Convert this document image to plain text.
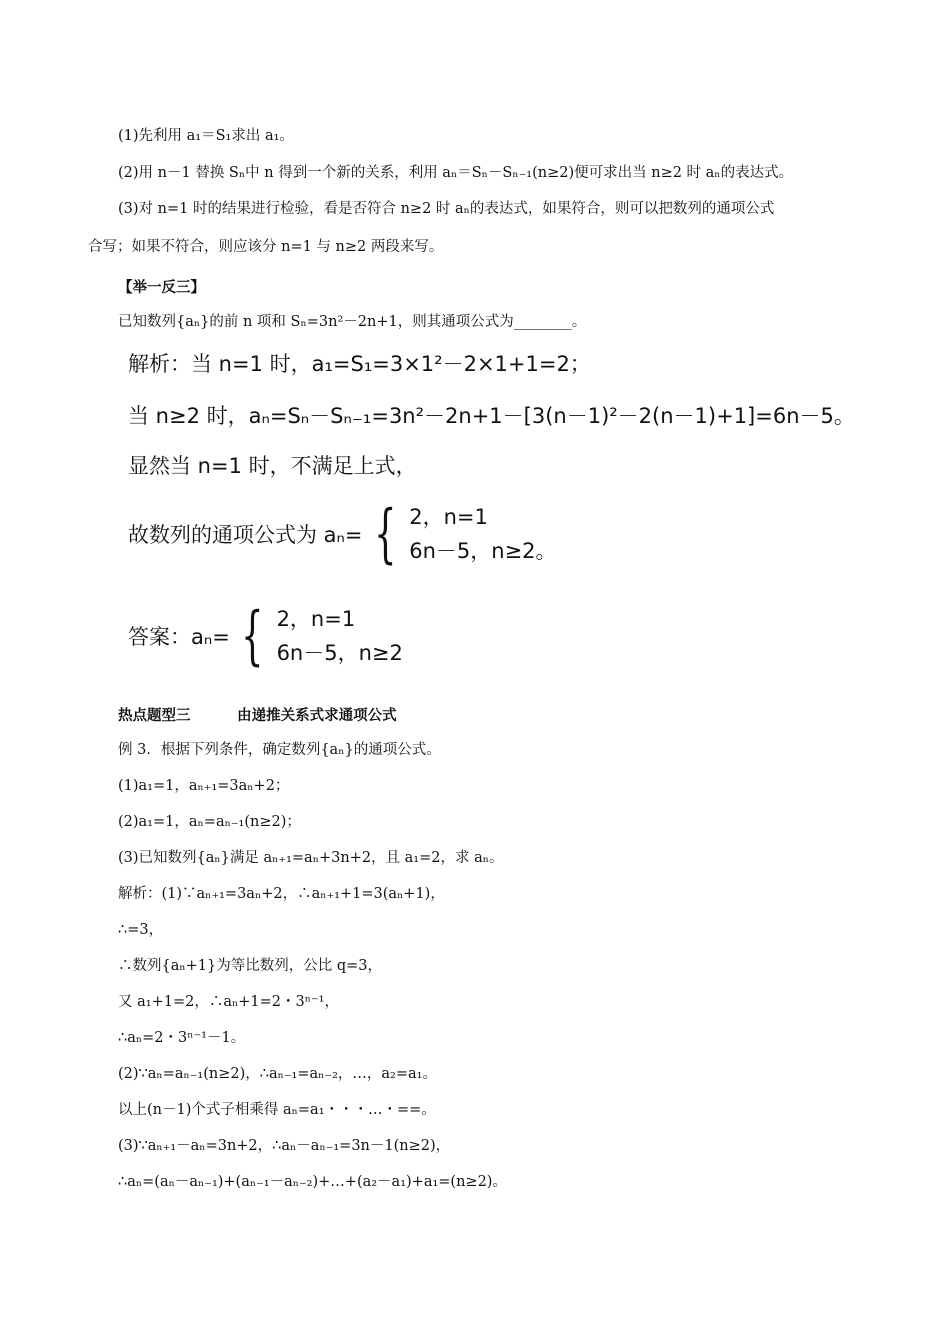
(1)先利用 a₁＝S₁求出 a₁。
(2)用 n－1 替换 Sₙ中 n 得到一个新的关系，利用 aₙ＝Sₙ－Sₙ₋₁(n≥2)便可求出当 n≥2 时 aₙ的表达式。
(3)对 n=1 时的结果进行检验，看是否符合 n≥2 时 aₙ的表达式，如果符合，则可以把数列的通项公式
合写；如果不符合，则应该分 n=1 与 n≥2 两段来写。
【举一反三】
已知数列{aₙ}的前 n 项和 Sₙ=3n²－2n+1，则其通项公式为________。
解析：当 n=1 时，a₁=S₁=3×1²－2×1+1=2；
当 n≥2 时，aₙ=Sₙ－Sₙ₋₁=3n²－2n+1－[3(n－1)²－2(n－1)+1]=6n－5。
显然当 n=1 时，不满足上式，
故数列的通项公式为 aₙ= { 2，n=1
6n－5，n≥2。
答案：aₙ= { 2，n=1
6n－5，n≥2
热点题型三	由递推关系式求通项公式
例 3．根据下列条件，确定数列{aₙ}的通项公式。
(1)a₁=1，aₙ₊₁=3aₙ+2；
(2)a₁=1，aₙ=aₙ₋₁(n≥2)；
(3)已知数列{aₙ}满足 aₙ₊₁=aₙ+3n+2，且 a₁=2，求 aₙ。
解析：(1)∵aₙ₊₁=3aₙ+2，∴aₙ₊₁+1=3(aₙ+1)，
∴=3，
∴数列{aₙ+1}为等比数列，公比 q=3，
又 a₁+1=2，∴aₙ+1=2・3ⁿ⁻¹，
∴aₙ=2・3ⁿ⁻¹－1。
(2)∵aₙ=aₙ₋₁(n≥2)，∴aₙ₋₁=aₙ₋₂，…，a₂=a₁。
以上(n－1)个式子相乘得 aₙ=a₁・・・…・==。
(3)∵aₙ₊₁－aₙ=3n+2，∴aₙ－aₙ₋₁=3n－1(n≥2)，
∴aₙ=(aₙ－aₙ₋₁)+(aₙ₋₁－aₙ₋₂)+…+(a₂－a₁)+a₁=(n≥2)。
